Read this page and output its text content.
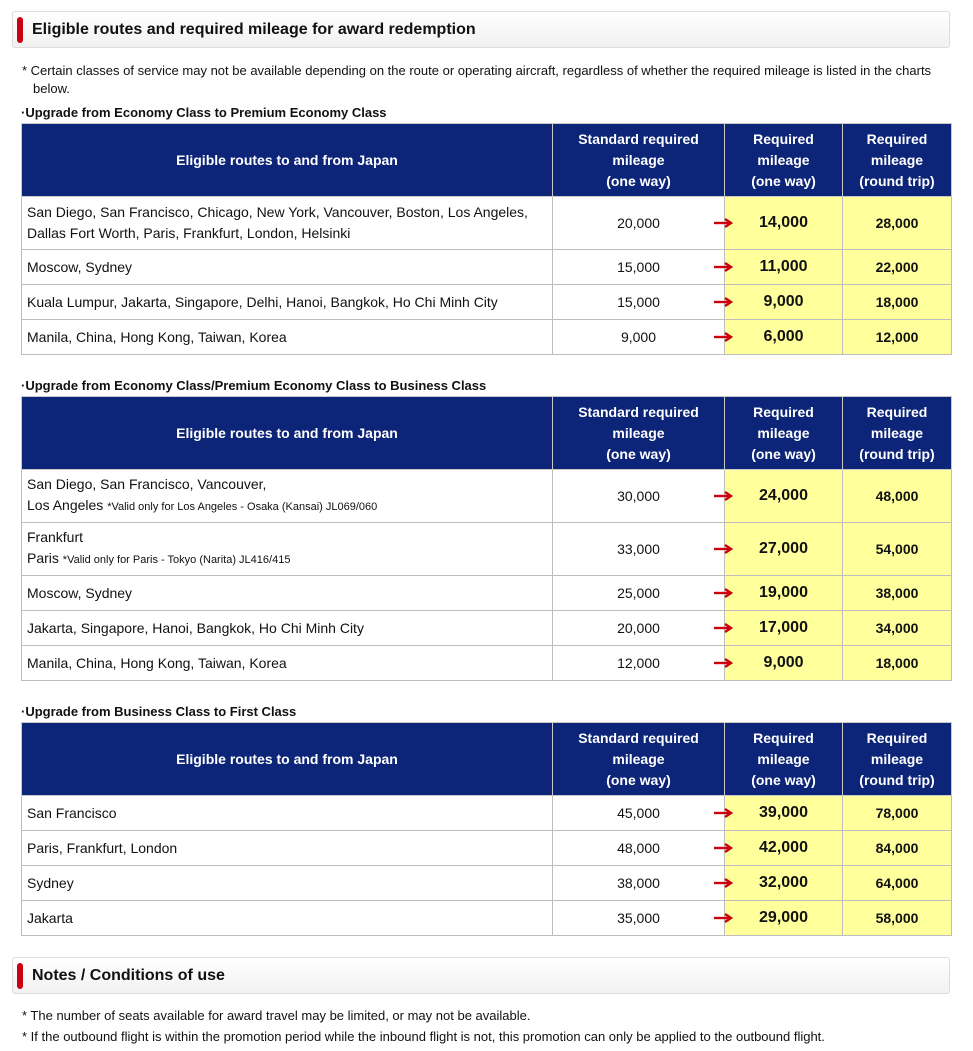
Eligible routes and required mileage for award redemption
* Certain classes of service may not be available depending on the route or operating aircraft, regardless of whether the required mileage is listed in the charts below.
·Upgrade from Economy Class to Premium Economy Class
Eligible routes to and from Japan	Standard required
mileage
(one way)	Required
mileage
(one way)	Required
mileage
(round trip)

San Diego, San Francisco, Chicago, New York, Vancouver, Boston, Los Angeles,
Dallas Fort Worth, Paris, Frankfurt, London, Helsinki	20,000	14,000	28,000
Moscow, Sydney	15,000	11,000	22,000
Kuala Lumpur, Jakarta, Singapore, Delhi, Hanoi, Bangkok, Ho Chi Minh City	15,000	9,000	18,000
Manila, China, Hong Kong, Taiwan, Korea	9,000	6,000	12,000
·Upgrade from Economy Class/Premium Economy Class to Business Class
Eligible routes to and from Japan	Standard required
mileage
(one way)	Required
mileage
(one way)	Required
mileage
(round trip)

San Diego, San Francisco, Vancouver,
Los Angeles *Valid only for Los Angeles - Osaka (Kansai) JL069/060	30,000	24,000	48,000
Frankfurt
Paris *Valid only for Paris - Tokyo (Narita) JL416/415	33,000	27,000	54,000
Moscow, Sydney	25,000	19,000	38,000
Jakarta, Singapore, Hanoi, Bangkok, Ho Chi Minh City	20,000	17,000	34,000
Manila, China, Hong Kong, Taiwan, Korea	12,000	9,000	18,000
·Upgrade from Business Class to First Class
Eligible routes to and from Japan	Standard required
mileage
(one way)	Required
mileage
(one way)	Required
mileage
(round trip)

San Francisco	45,000	39,000	78,000
Paris, Frankfurt, London	48,000	42,000	84,000
Sydney	38,000	32,000	64,000
Jakarta	35,000	29,000	58,000
Notes / Conditions of use
* The number of seats available for award travel may be limited, or may not be available.
* If the outbound flight is within the promotion period while the inbound flight is not, this promotion can only be applied to the outbound flight.
